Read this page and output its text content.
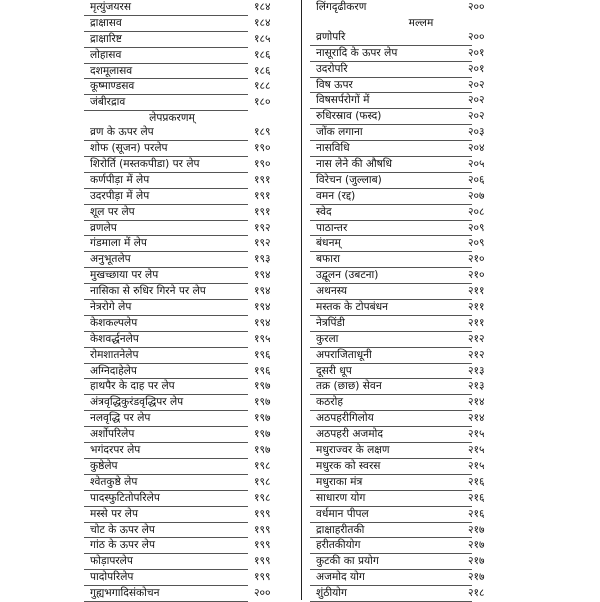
मृत्युंजयरस	१८४
द्राक्षासव	१८४
द्राक्षारिष्ट	१८५
लोहासव	१८६
दशमूलासव	१८६
कूष्माण्डसव	१८८
जंबीरद्राव	१८०
लेपप्रकरणम्
व्रण के ऊपर लेप	१८९
शोफ (सूजन) परलेप	१९०
शिरोर्ति (मस्तकपीडा) पर लेप	१९०
कर्णपीड़ा में लेप	१९१
उदरपीड़ा में लेप	१९१
शूल पर लेप	१९१
व्रणलेप	१९२
गंडमाला में लेप	१९२
अनुभूतलेप	१९३
मुखच्छाया पर लेप	१९४
नासिका से रुधिर गिरने पर लेप	१९४
नेत्ररोगे लेप	१९४
केशकल्पलेप	१९४
केशवर्द्धनलेप	१९५
रोमशातनेलेप	१९६
अग्निदाहेलेप	१९६
हाथपैर के दाह पर लेप	१९७
अंत्रवृद्धिकुरंडवृद्धिपर लेप	१९७
नलवृद्धि पर लेप	१९७
अर्शोपरिलेप	१९७
भगंदरपर लेप	१९७
कुष्ठेलेप	१९८
श्वेतकुष्ठे लेप	१९८
पादस्फुटितोपरिलेप	१९८
मस्से पर लेप	१९९
चोट के ऊपर लेप	१९९
गांठ के ऊपर लेप	१९९
फोड़ापरलेप	१९९
पादोपरिलेप	१९९
गुह्यभगादिसंकोचन	२००
लिंगदृढीकरण	२००
मल्लम
व्रणोपरि	२००
नासूरादि के ऊपर लेप	२०१
उदरोपरि	२०१
विष ऊपर	२०२
विषसर्परोगों में	२०२
रुधिरस्राव (फस्द)	२०२
जोंक लगाना	२०३
नासविधि	२०४
नास लेने की औषधि	२०५
विरेचन (जुल्लाब)	२०६
वमन (रद्द)	२०७
स्वेद	२०८
पाठान्तर	२०९
बंधनम्	२०९
बफारा	२१०
उद्वूलन (उबटना)	२१०
अथनस्य	२११
मस्तक के टोपबंधन	२११
नेत्रपिंडी	२११
कुरला	२१२
अपराजिताधूनी	२१२
दूसरी धूप	२१३
तक्र (छाछ) सेवन	२१३
कठरोह	२१४
अठपहरीगिलोय	२१४
अठपहरी अजमोद	२१५
मधुराज्वर के लक्षण	२१५
मधुरक को स्वरस	२१५
मधुराका मंत्र	२१६
साधारण योग	२१६
वर्धमान पीपल	२१६
द्राक्षाहरीतकी	२१७
हरीतकीयोग	२१७
कुटकी का प्रयोग	२१७
अजमोद योग	२१७
शुंठीयोग	२१८
